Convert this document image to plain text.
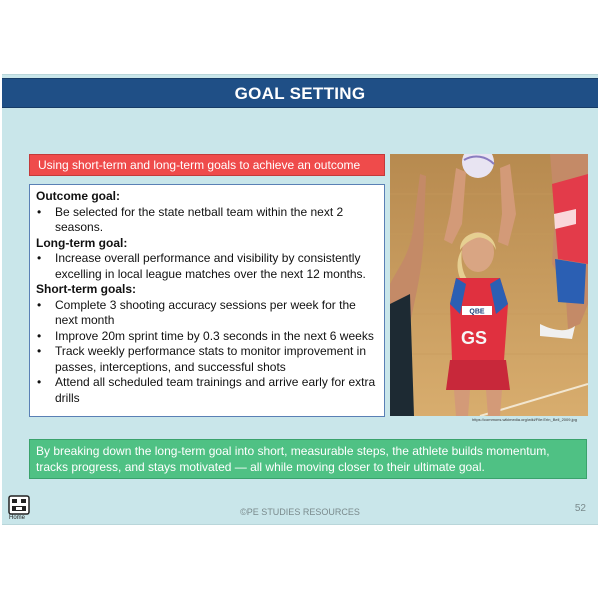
GOAL SETTING
Using short-term and long-term goals to achieve an outcome

Outcome goal:

• Be selected for the state netball team within the next 2 seasons.

Long-term goal:

• Increase overall performance and visibility by consistently excelling in local league matches over the next 12 months.

Short-term goals:

• Complete 3 shooting accuracy sessions per week for the next month
• Improve 20m sprint time by 0.3 seconds in the next 6 weeks
• Track weekly performance stats to monitor improvement in passes, interceptions, and successful shots
• Attend all scheduled team trainings and arrive early for extra drills
QBE
GS
https://commons.wikimedia.org/wiki/File:Erin_Bell_2009.jpg
By breaking down the long-term goal into short, measurable steps, the athlete builds momentum, tracks progress, and stays motivated — all while moving closer to their ultimate goal.
Home
©PE STUDIES RESOURCES	52
